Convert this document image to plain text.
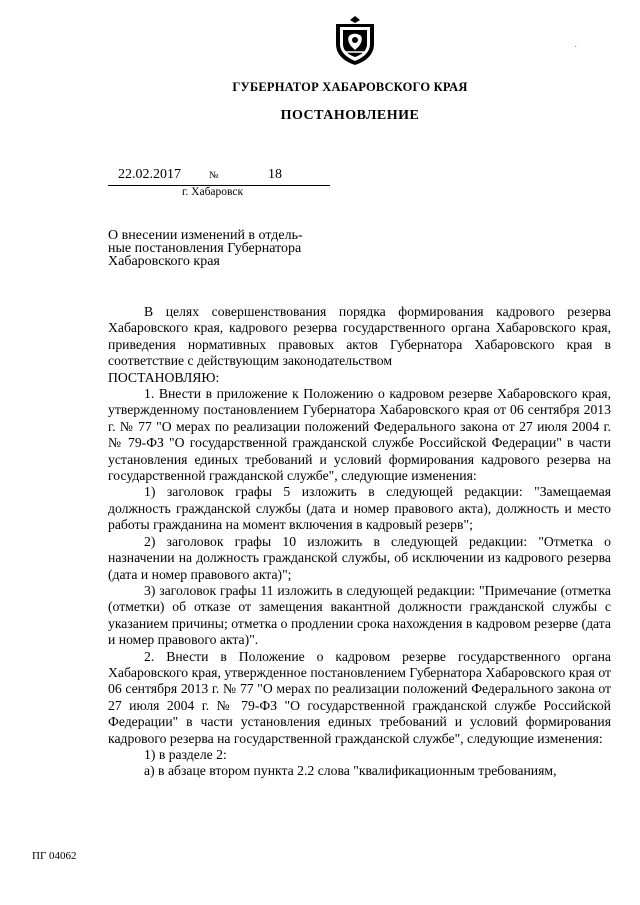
·
ГУБЕРНАТОР ХАБАРОВСКОГО КРАЯ
ПОСТАНОВЛЕНИЕ
22.02.2017	№	18
г. Хабаровск
О внесении изменений в отдель-
ные постановления Губернатора
Хабаровского края

В целях совершенствования порядка формирования кадрового резерва Хабаровского края, кадрового резерва государственного органа Хабаровского края, приведения нормативных правовых актов Губернатора Хабаровского края в соответствие с действующим законодательством

ПОСТАНОВЛЯЮ:

1. Внести в приложение к Положению о кадровом резерве Хабаровского края, утвержденному постановлением Губернатора Хабаровского края от 06 сентября 2013 г. № 77 "О мерах по реализации положений Федерального закона от 27 июля 2004 г. № 79-ФЗ "О государственной гражданской службе Российской Федерации" в части установления единых требований и условий формирования кадрового резерва на государственной гражданской службе", следующие изменения:

1) заголовок графы 5 изложить в следующей редакции: "Замещаемая должность гражданской службы (дата и номер правового акта), должность и место работы гражданина на момент включения в кадровый резерв";

2) заголовок графы 10 изложить в следующей редакции: "Отметка о назначении на должность гражданской службы, об исключении из кадрового резерва (дата и номер правового акта)";

3) заголовок графы 11 изложить в следующей редакции: "Примечание (отметка (отметки) об отказе от замещения вакантной должности гражданской службы с указанием причины; отметка о продлении срока нахождения в кадровом резерве (дата и номер правового акта)".

2. Внести в Положение о кадровом резерве государственного органа Хабаровского края, утвержденное постановлением Губернатора Хабаровского края от 06 сентября 2013 г. № 77 "О мерах по реализации положений Федерального закона от 27 июля 2004 г. № 79-ФЗ "О государственной гражданской службе Российской Федерации" в части установления единых требований и условий формирования кадрового резерва на государственной гражданской службе", следующие изменения:

1) в разделе 2:

а) в абзаце втором пункта 2.2 слова "квалификационным требованиям,

ПГ 04062
